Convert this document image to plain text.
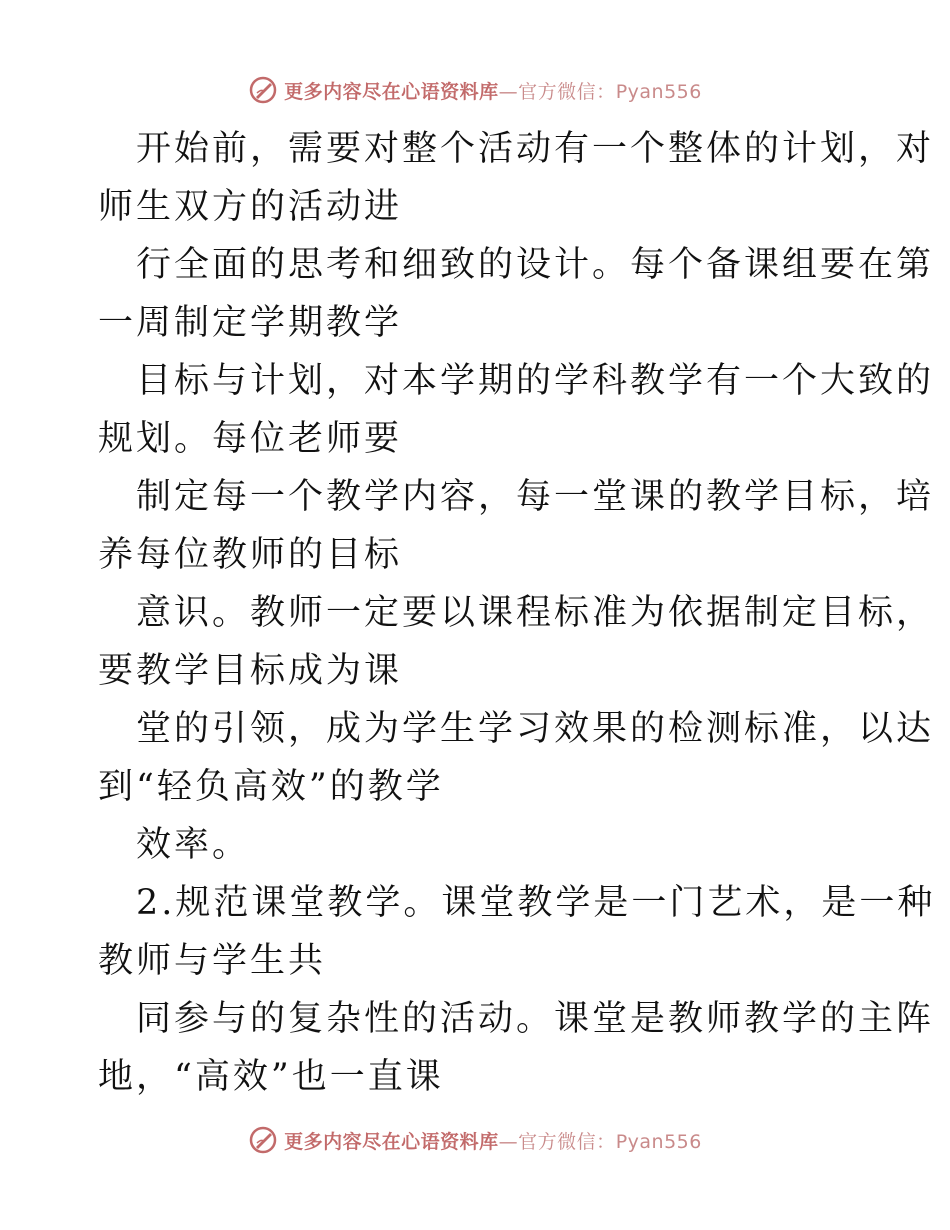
更多内容尽在心语资料库—官方微信：Pyan556
开始前，需要对整个活动有一个整体的计划，对
师生双方的活动进
行全面的思考和细致的设计。每个备课组要在第
一周制定学期教学
目标与计划，对本学期的学科教学有一个大致的
规划。每位老师要
制定每一个教学内容，每一堂课的教学目标，培
养每位教师的目标
意识。教师一定要以课程标准为依据制定目标，
要教学目标成为课
堂的引领，成为学生学习效果的检测标准，以达
到“轻负高效”的教学
效率。
2.规范课堂教学。课堂教学是一门艺术，是一种
教师与学生共
同参与的复杂性的活动。课堂是教师教学的主阵
地，“高效”也一直课
更多内容尽在心语资料库—官方微信：Pyan556
